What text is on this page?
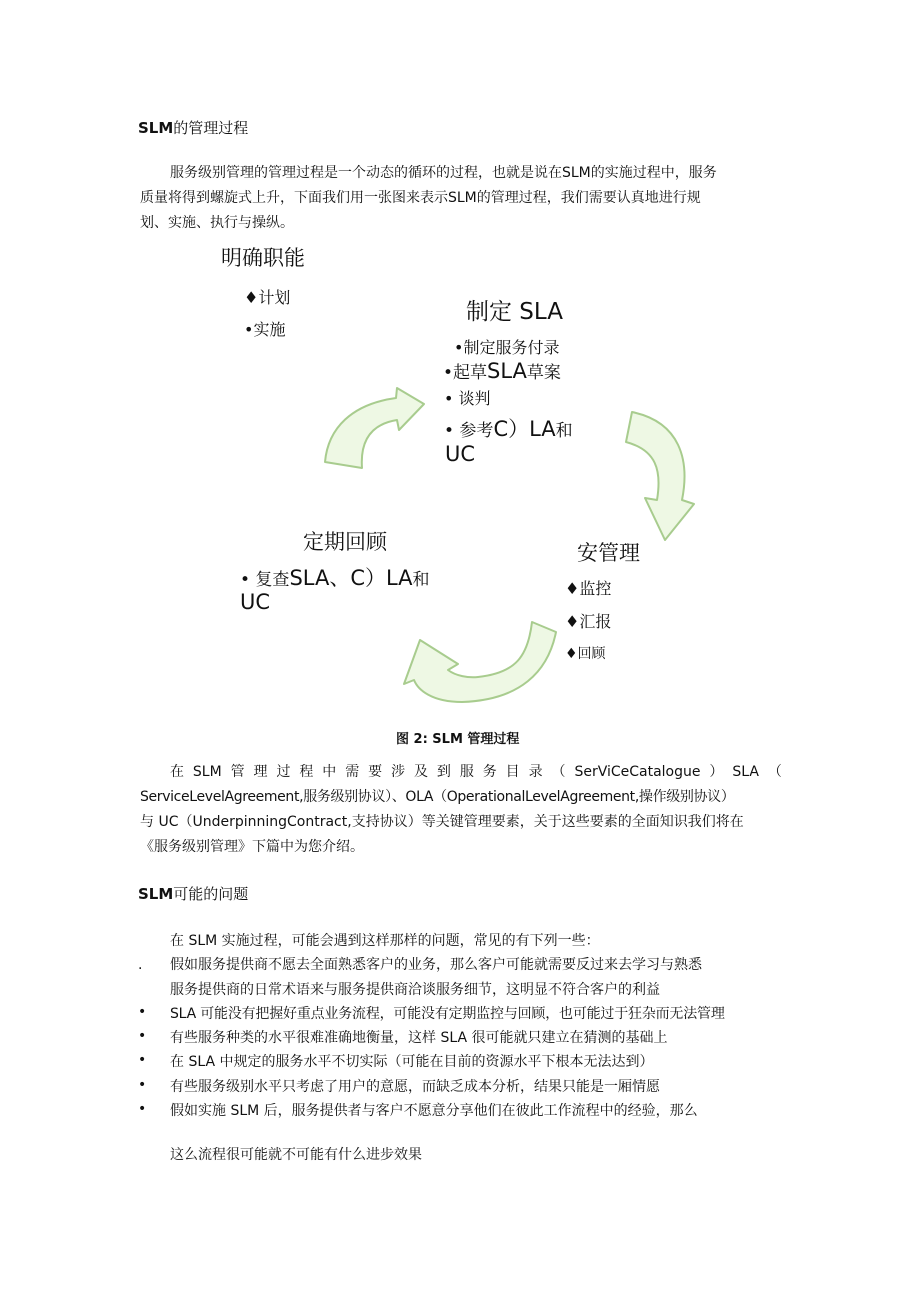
SLM的管理过程
服务级别管理的管理过程是一个动态的循环的过程，也就是说在SLM的实施过程中，服务
质量将得到螺旋式上升，下面我们用一张图来表示SLM的管理过程，我们需要认真地进行规
划、实施、执行与操纵。
明确职能
♦计划
•实施
制定 SLA
•制定服务付录
•起草SLA草案
• 谈判
• 参考C）LA和
UC
安管理
♦监控
♦汇报
♦回顾
定期回顾
• 复查SLA、C）LA和
UC
图 2: SLM 管理过程
在 SLM 管 理 过 程 中 需 要 涉 及 到 服 务 目 录 （ SerViCeCatalogue ） SLA （
ServiceLevelAgreement,服务级别协议）、OLA（OperationalLevelAgreement,操作级别协议）
与 UC（UnderpinningContract,支持协议）等关键管理要素，关于这些要素的全面知识我们将在
《服务级别管理》下篇中为您介绍。
SLM可能的问题
在 SLM 实施过程，可能会遇到这样那样的问题，常见的有下列一些：
. 假如服务提供商不愿去全面熟悉客户的业务，那么客户可能就需要反过来去学习与熟悉
服务提供商的日常术语来与服务提供商洽谈服务细节，这明显不符合客户的利益
• SLA 可能没有把握好重点业务流程，可能没有定期监控与回顾，也可能过于狂杂而无法管理
• 有些服务种类的水平很难准确地衡量，这样 SLA 很可能就只建立在猜测的基础上
• 在 SLA 中规定的服务水平不切实际（可能在目前的资源水平下根本无法达到）
• 有些服务级别水平只考虑了用户的意愿，而缺乏成本分析，结果只能是一厢情愿
• 假如实施 SLM 后，服务提供者与客户不愿意分享他们在彼此工作流程中的经验，那么
这么流程很可能就不可能有什么进步效果
